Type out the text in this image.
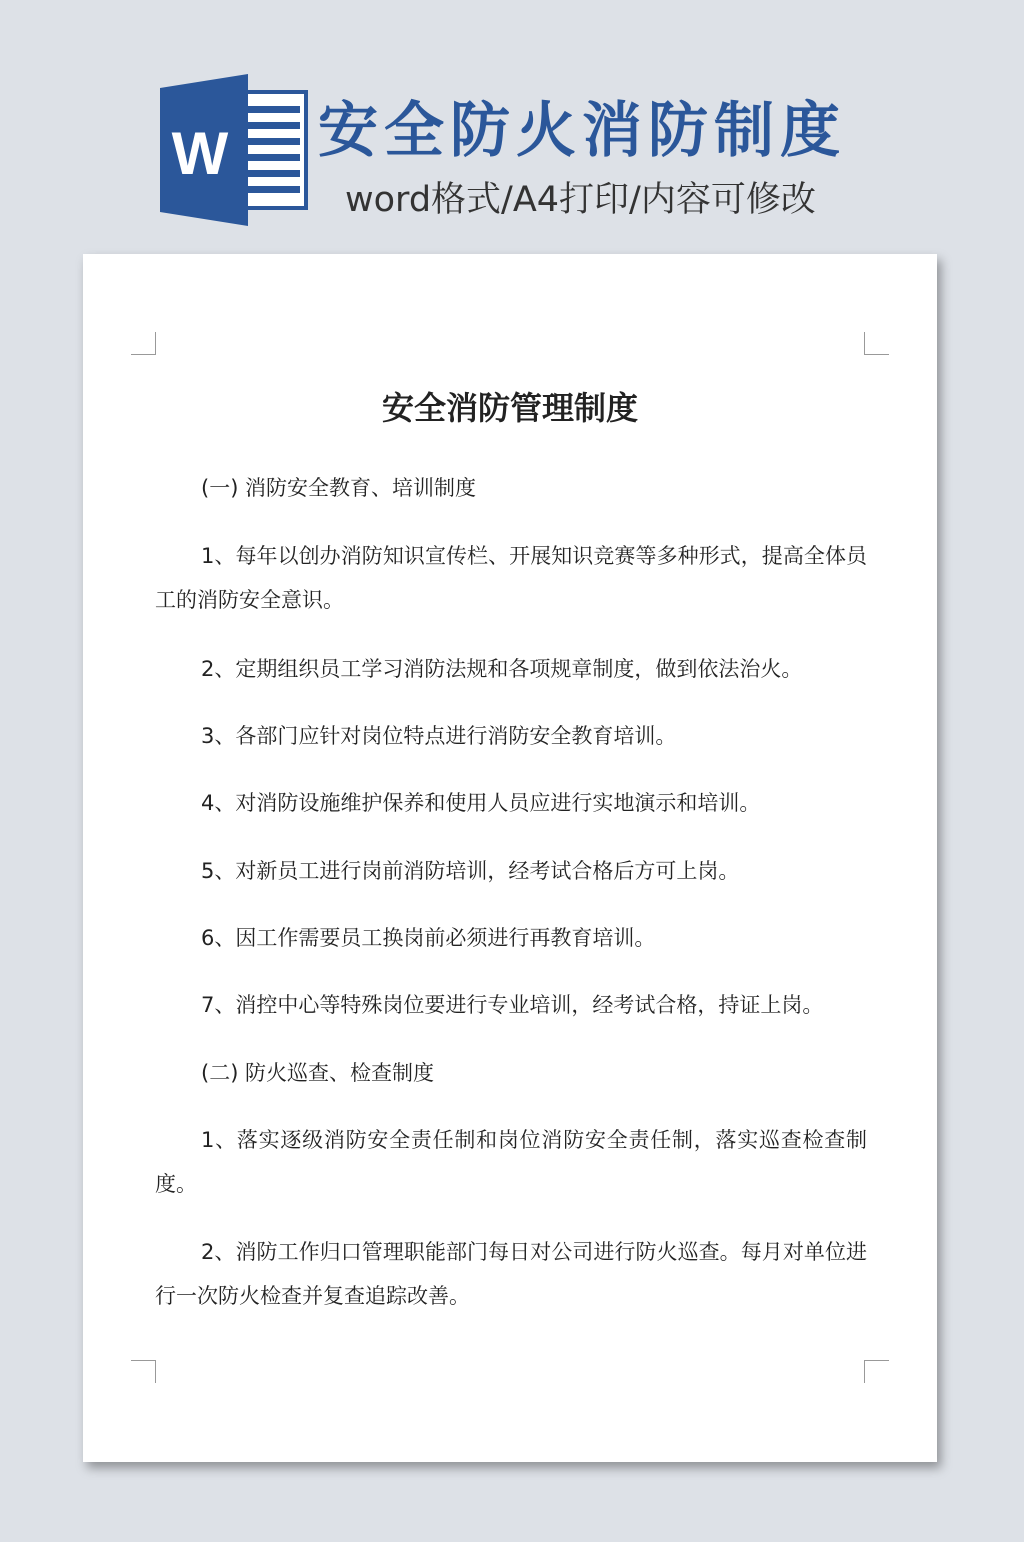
W 安全防火消防制度
word格式/A4打印/内容可修改
安全消防管理制度
(一) 消防安全教育、培训制度
1、每年以创办消防知识宣传栏、开展知识竞赛等多种形式，提高全体员工的消防安全意识。
2、定期组织员工学习消防法规和各项规章制度，做到依法治火。
3、各部门应针对岗位特点进行消防安全教育培训。
4、对消防设施维护保养和使用人员应进行实地演示和培训。
5、对新员工进行岗前消防培训，经考试合格后方可上岗。
6、因工作需要员工换岗前必须进行再教育培训。
7、消控中心等特殊岗位要进行专业培训，经考试合格，持证上岗。
(二) 防火巡查、检查制度
1、落实逐级消防安全责任制和岗位消防安全责任制，落实巡查检查制度。
2、消防工作归口管理职能部门每日对公司进行防火巡查。每月对单位进行一次防火检查并复查追踪改善。
